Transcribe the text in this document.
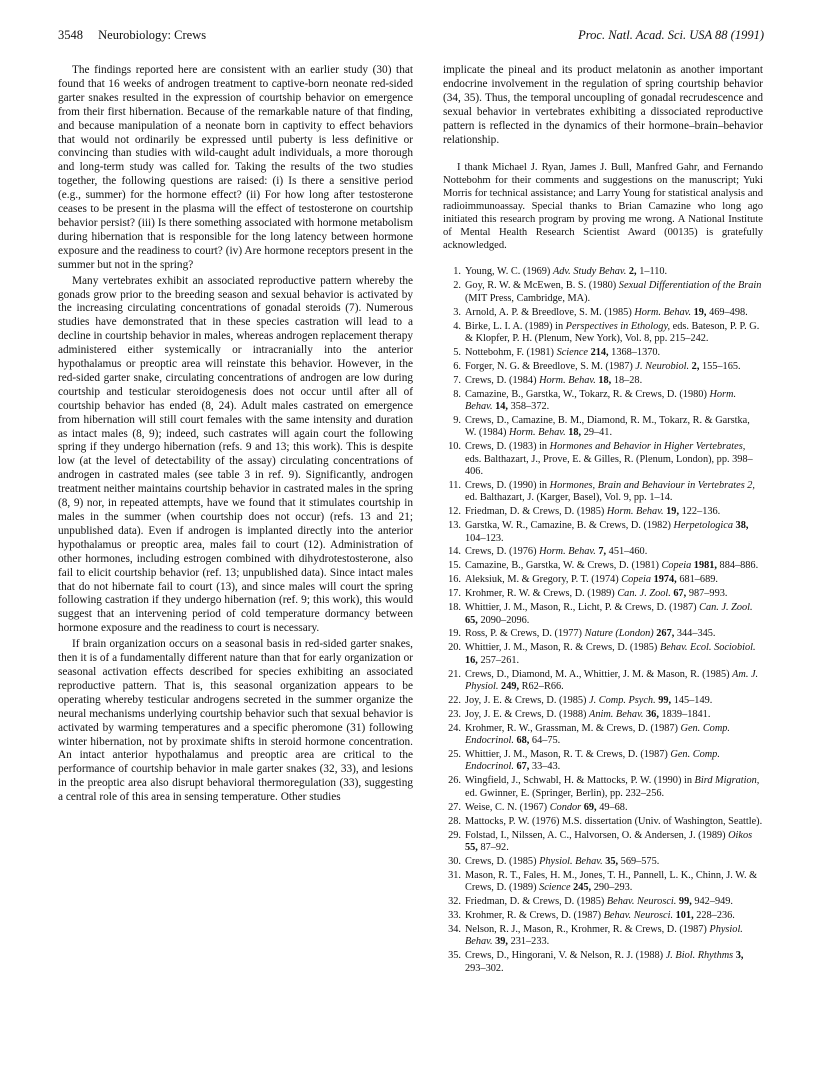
3548 Neurobiology: Crews	Proc. Natl. Acad. Sci. USA 88 (1991)

The findings reported here are consistent with an earlier study (30) that found that 16 weeks of androgen treatment to captive-born neonate red-sided garter snakes resulted in the expression of courtship behavior on emergence from their first hibernation. Because of the remarkable nature of that finding, and because manipulation of a neonate born in captivity to effect behaviors that would not ordinarily be expressed until puberty is less definitive or convincing than studies with wild-caught adult individuals, a more thorough and long-term study was called for. Taking the results of the two studies together, the following questions are raised: (i) Is there a sensitive period (e.g., summer) for the hormone effect? (ii) For how long after testosterone ceases to be present in the plasma will the effect of testosterone on courtship behavior persist? (iii) Is there something associated with hormone metabolism during hibernation that is responsible for the long latency between hormone exposure and the readiness to court? (iv) Are hormone receptors present in the summer but not in the spring?

Many vertebrates exhibit an associated reproductive pattern whereby the gonads grow prior to the breeding season and sexual behavior is activated by the increasing circulating concentrations of gonadal steroids (7). Numerous studies have demonstrated that in these species castration will lead to a decline in courtship behavior in males, whereas androgen replacement therapy administered either systemically or intracranially into the anterior hypothalamus or preoptic area will reinstate this behavior. However, in the red-sided garter snake, circulating concentrations of androgen are low during courtship and testicular steroidogenesis does not occur until after all of courtship behavior has ended (8, 24). Adult males castrated on emergence from hibernation will still court females with the same intensity and duration as intact males (8, 9); indeed, such castrates will again court the following spring if they undergo hibernation (refs. 9 and 13; this work). This is despite low (at the level of detectability of the assay) circulating concentrations of androgen in castrated males (see table 3 in ref. 9). Significantly, androgen treatment neither maintains courtship behavior in castrated males in the spring (8, 9) nor, in repeated attempts, have we found that it stimulates courtship in males in the summer (when courtship does not occur) (refs. 13 and 21; unpublished data). Even if androgen is implanted directly into the anterior hypothalamus or preoptic area, males fail to court (12). Administration of other hormones, including estrogen combined with dihydrotestosterone, also fail to elicit courtship behavior (ref. 13; unpublished data). Since intact males that do not hibernate fail to court (13), and since males will court the spring following castration if they undergo hibernation (ref. 9; this work), this would suggest that an intervening period of cold temperature dormancy between hormone exposure and the readiness to court is necessary.

If brain organization occurs on a seasonal basis in red-sided garter snakes, then it is of a fundamentally different nature than that for early organization or seasonal activation effects described for species exhibiting an associated reproductive pattern. That is, this seasonal organization appears to be operating whereby testicular androgens secreted in the summer organize the neural mechanisms underlying courtship behavior such that sexual behavior is activated by warming temperatures and a specific pheromone (31) following winter hibernation, not by proximate shifts in steroid hormone concentration. An intact anterior hypothalamus and preoptic area are critical to the performance of courtship behavior in male garter snakes (32, 33), and lesions in the preoptic area also disrupt behavioral thermoregulation (33), suggesting a central role of this area in sensing temperature. Other studies

implicate the pineal and its product melatonin as another important endocrine involvement in the regulation of spring courtship behavior (34, 35). Thus, the temporal uncoupling of gonadal recrudescence and sexual behavior in vertebrates exhibiting a dissociated reproductive pattern is reflected in the dynamics of their hormone–brain–behavior relationship.

I thank Michael J. Ryan, James J. Bull, Manfred Gahr, and Fernando Nottebohm for their comments and suggestions on the manuscript; Yuki Morris for technical assistance; and Larry Young for statistical analysis and radioimmunoassay. Special thanks to Brian Camazine who long ago initiated this research program by proving me wrong. A National Institute of Mental Health Research Scientist Award (00135) is gratefully acknowledged.

1. Young, W. C. (1969) Adv. Study Behav. 2, 1–110.
2. Goy, R. W. & McEwen, B. S. (1980) Sexual Differentiation of the Brain (MIT Press, Cambridge, MA).
3. Arnold, A. P. & Breedlove, S. M. (1985) Horm. Behav. 19, 469–498.
4. Birke, L. I. A. (1989) in Perspectives in Ethology, eds. Bateson, P. P. G. & Klopfer, P. H. (Plenum, New York), Vol. 8, pp. 215–242.
5. Nottebohm, F. (1981) Science 214, 1368–1370.
6. Forger, N. G. & Breedlove, S. M. (1987) J. Neurobiol. 2, 155–165.
7. Crews, D. (1984) Horm. Behav. 18, 18–28.
8. Camazine, B., Garstka, W., Tokarz, R. & Crews, D. (1980) Horm. Behav. 14, 358–372.
9. Crews, D., Camazine, B. M., Diamond, R. M., Tokarz, R. & Garstka, W. (1984) Horm. Behav. 18, 29–41.
10. Crews, D. (1983) in Hormones and Behavior in Higher Vertebrates, eds. Balthazart, J., Prove, E. & Gilles, R. (Plenum, London), pp. 398–406.
11. Crews, D. (1990) in Hormones, Brain and Behaviour in Vertebrates 2, ed. Balthazart, J. (Karger, Basel), Vol. 9, pp. 1–14.
12. Friedman, D. & Crews, D. (1985) Horm. Behav. 19, 122–136.
13. Garstka, W. R., Camazine, B. & Crews, D. (1982) Herpetologica 38, 104–123.
14. Crews, D. (1976) Horm. Behav. 7, 451–460.
15. Camazine, B., Garstka, W. & Crews, D. (1981) Copeia 1981, 884–886.
16. Aleksiuk, M. & Gregory, P. T. (1974) Copeia 1974, 681–689.
17. Krohmer, R. W. & Crews, D. (1989) Can. J. Zool. 67, 987–993.
18. Whittier, J. M., Mason, R., Licht, P. & Crews, D. (1987) Can. J. Zool. 65, 2090–2096.
19. Ross, P. & Crews, D. (1977) Nature (London) 267, 344–345.
20. Whittier, J. M., Mason, R. & Crews, D. (1985) Behav. Ecol. Sociobiol. 16, 257–261.
21. Crews, D., Diamond, M. A., Whittier, J. M. & Mason, R. (1985) Am. J. Physiol. 249, R62–R66.
22. Joy, J. E. & Crews, D. (1985) J. Comp. Psych. 99, 145–149.
23. Joy, J. E. & Crews, D. (1988) Anim. Behav. 36, 1839–1841.
24. Krohmer, R. W., Grassman, M. & Crews, D. (1987) Gen. Comp. Endocrinol. 68, 64–75.
25. Whittier, J. M., Mason, R. T. & Crews, D. (1987) Gen. Comp. Endocrinol. 67, 33–43.
26. Wingfield, J., Schwabl, H. & Mattocks, P. W. (1990) in Bird Migration, ed. Gwinner, E. (Springer, Berlin), pp. 232–256.
27. Weise, C. N. (1967) Condor 69, 49–68.
28. Mattocks, P. W. (1976) M.S. dissertation (Univ. of Washington, Seattle).
29. Folstad, I., Nilssen, A. C., Halvorsen, O. & Andersen, J. (1989) Oikos 55, 87–92.
30. Crews, D. (1985) Physiol. Behav. 35, 569–575.
31. Mason, R. T., Fales, H. M., Jones, T. H., Pannell, L. K., Chinn, J. W. & Crews, D. (1989) Science 245, 290–293.
32. Friedman, D. & Crews, D. (1985) Behav. Neurosci. 99, 942–949.
33. Krohmer, R. & Crews, D. (1987) Behav. Neurosci. 101, 228–236.
34. Nelson, R. J., Mason, R., Krohmer, R. & Crews, D. (1987) Physiol. Behav. 39, 231–233.
35. Crews, D., Hingorani, V. & Nelson, R. J. (1988) J. Biol. Rhythms 3, 293–302.
